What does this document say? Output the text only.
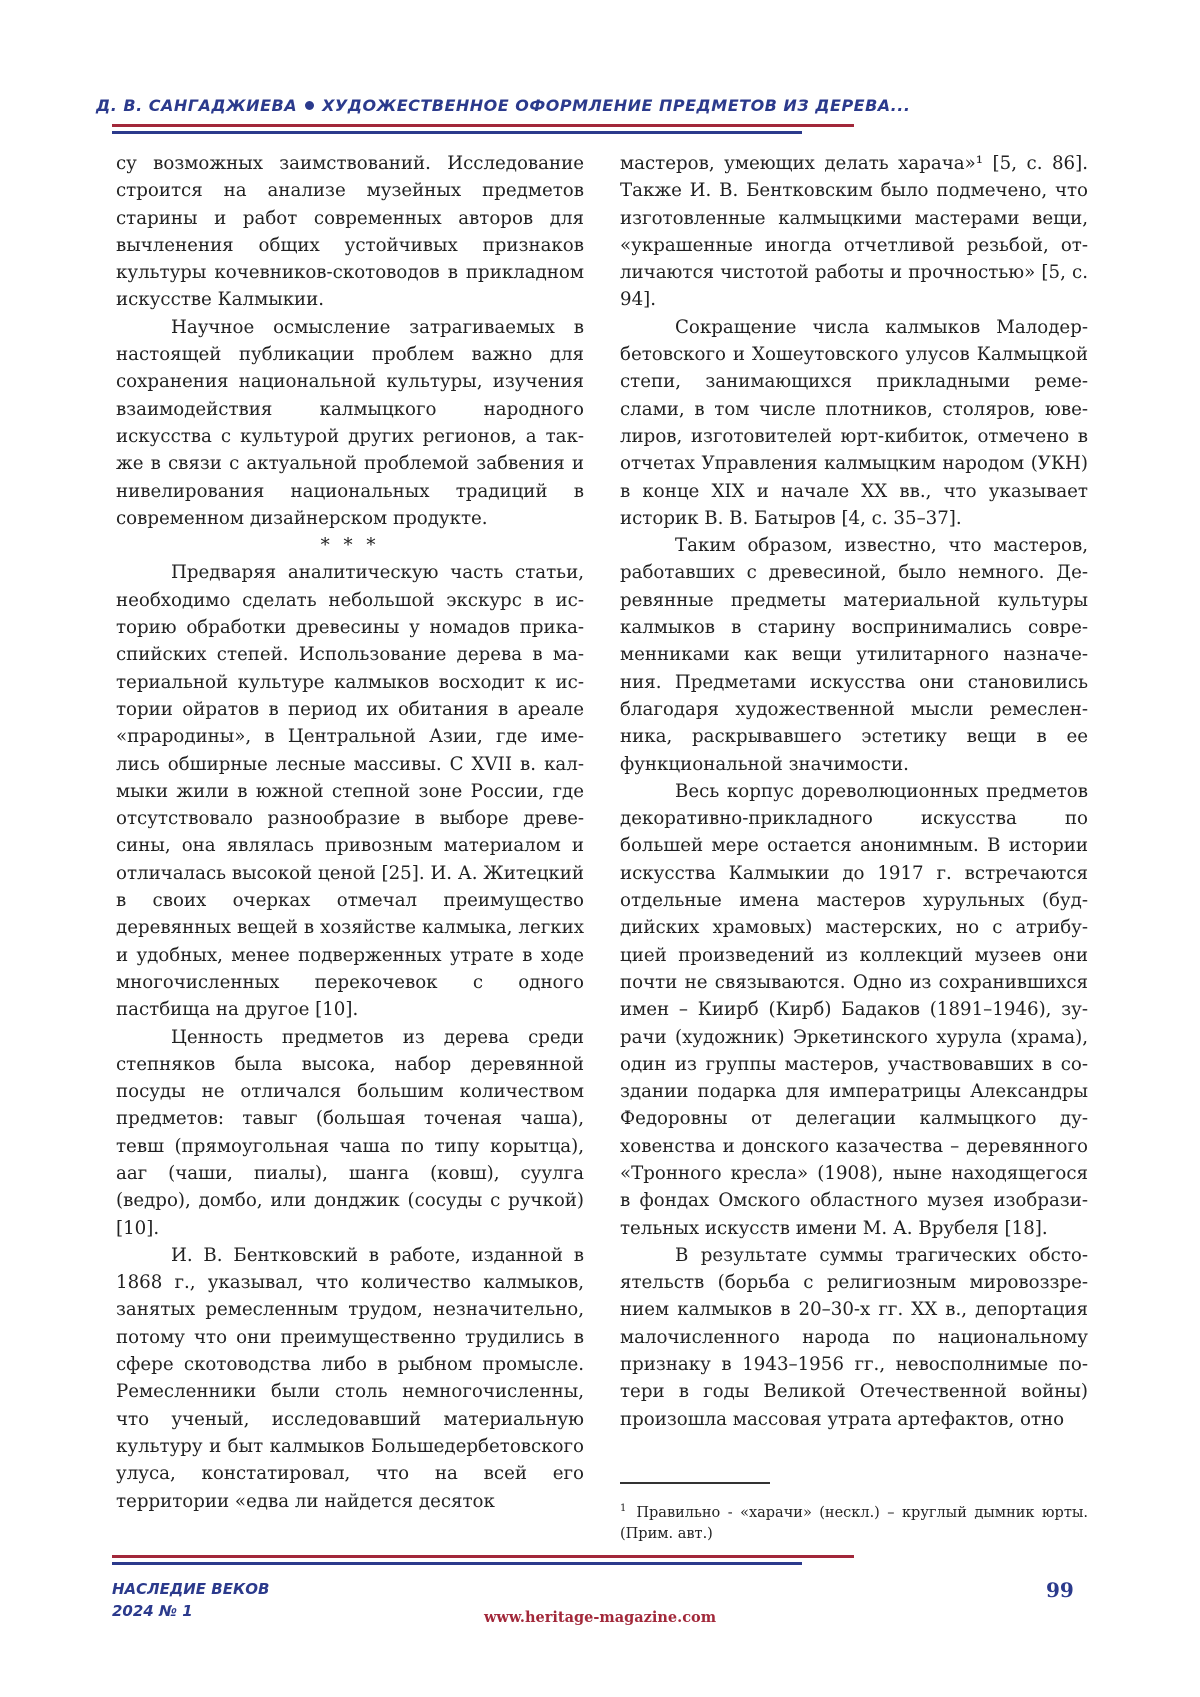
Д. В. САНГАДЖИЕВА ХУДОЖЕСТВЕННОЕ ОФОРМЛЕНИЕ ПРЕДМЕТОВ ИЗ ДЕРЕВА...

су возможных заимствований. Исследование строится на анализе музейных предметов старины и работ современных авторов для вычленения общих устойчивых признаков культуры кочевников-скотоводов в прикладном искусстве Калмыкии.

Научное осмысление затрагиваемых в настоящей публикации проблем важно для сохранения национальной культуры, изучения взаимодействия калмыцкого народного искусства с культурой других регионов, а также в связи с актуальной проблемой забвения и нивелирования национальных традиций в современном дизайнерском продукте.

* * *

Предваряя аналитическую часть статьи, необходимо сделать небольшой экскурс в историю обработки древесины у номадов прикаспийских степей. Использование дерева в материальной культуре калмыков восходит к истории ойратов в период их обитания в ареале «прародины», в Центральной Азии, где имелись обширные лесные массивы. С XVII в. калмыки жили в южной степной зоне России, где отсутствовало разнообразие в выборе древесины, она являлась привозным материалом и отличалась высокой ценой [25]. И. А. Житецкий в своих очерках отмечал преимущество деревянных вещей в хозяйстве калмыка, легких и удобных, менее подверженных утрате в ходе многочисленных перекочевок с одного пастбища на другое [10].

Ценность предметов из дерева среди степняков была высока, набор деревянной посуды не отличался большим количеством предметов: тавыг (большая точеная чаша), тевш (прямоугольная чаша по типу корытца), ааг (чаши, пиалы), шанга (ковш), суулга (ведро), домбо, или донджик (сосуды с ручкой) [10].

И. В. Бентковский в работе, изданной в 1868 г., указывал, что количество калмыков, занятых ремесленным трудом, незначительно, потому что они преимущественно трудились в сфере скотоводства либо в рыбном промысле. Ремесленники были столь немногочисленны, что ученый, исследовавший материальную культуру и быт калмыков Большедербетовского улуса, констатировал, что на всей его территории «едва ли найдется десяток

мастеров, умеющих делать харача»¹ [5, с. 86]. Также И. В. Бентковским было подмечено, что изготовленные калмыцкими мастерами вещи, «украшенные иногда отчетливой резьбой, отличаются чистотой работы и прочностью» [5, с. 94].

Сокращение числа калмыков Малодербетовского и Хошеутовского улусов Калмыцкой степи, занимающихся прикладными ремеслами, в том числе плотников, столяров, ювелиров, изготовителей юрт-кибиток, отмечено в отчетах Управления калмыцким народом (УКН) в конце XIX и начале XX вв., что указывает историк В. В. Батыров [4, с. 35–37].

Таким образом, известно, что мастеров, работавших с древесиной, было немного. Деревянные предметы материальной культуры калмыков в старину воспринимались современниками как вещи утилитарного назначения. Предметами искусства они становились благодаря художественной мысли ремесленника, раскрывавшего эстетику вещи в ее функциональной значимости.

Весь корпус дореволюционных предметов декоративно-прикладного искусства по большей мере остается анонимным. В истории искусства Калмыкии до 1917 г. встречаются отдельные имена мастеров хурульных (буддийских храмовых) мастерских, но с атрибуцией произведений из коллекций музеев они почти не связываются. Одно из сохранившихся имен – Киирб (Кирб) Бадаков (1891–1946), зурачи (художник) Эркетинского хурула (храма), один из группы мастеров, участвовавших в создании подарка для императрицы Александры Федоровны от делегации калмыцкого духовенства и донского казачества – деревянного «Тронного кресла» (1908), ныне находящегося в фондах Омского областного музея изобразительных искусств имени М. А. Врубеля [18].

В результате суммы трагических обстоятельств (борьба с религиозным мировоззрением калмыков в 20–30-х гг. XX в., депортация малочисленного народа по национальному признаку в 1943–1956 гг., невосполнимые потери в годы Великой Отечественной войны) произошла массовая утрата артефактов, отно

$^1$ Правильно - «харачи» (нескл.) – круглый дымник юрты. (Прим. авт.)
НАСЛЕДИЕ ВЕКОВ
2024 № 1
99
www.heritage-magazine.com
